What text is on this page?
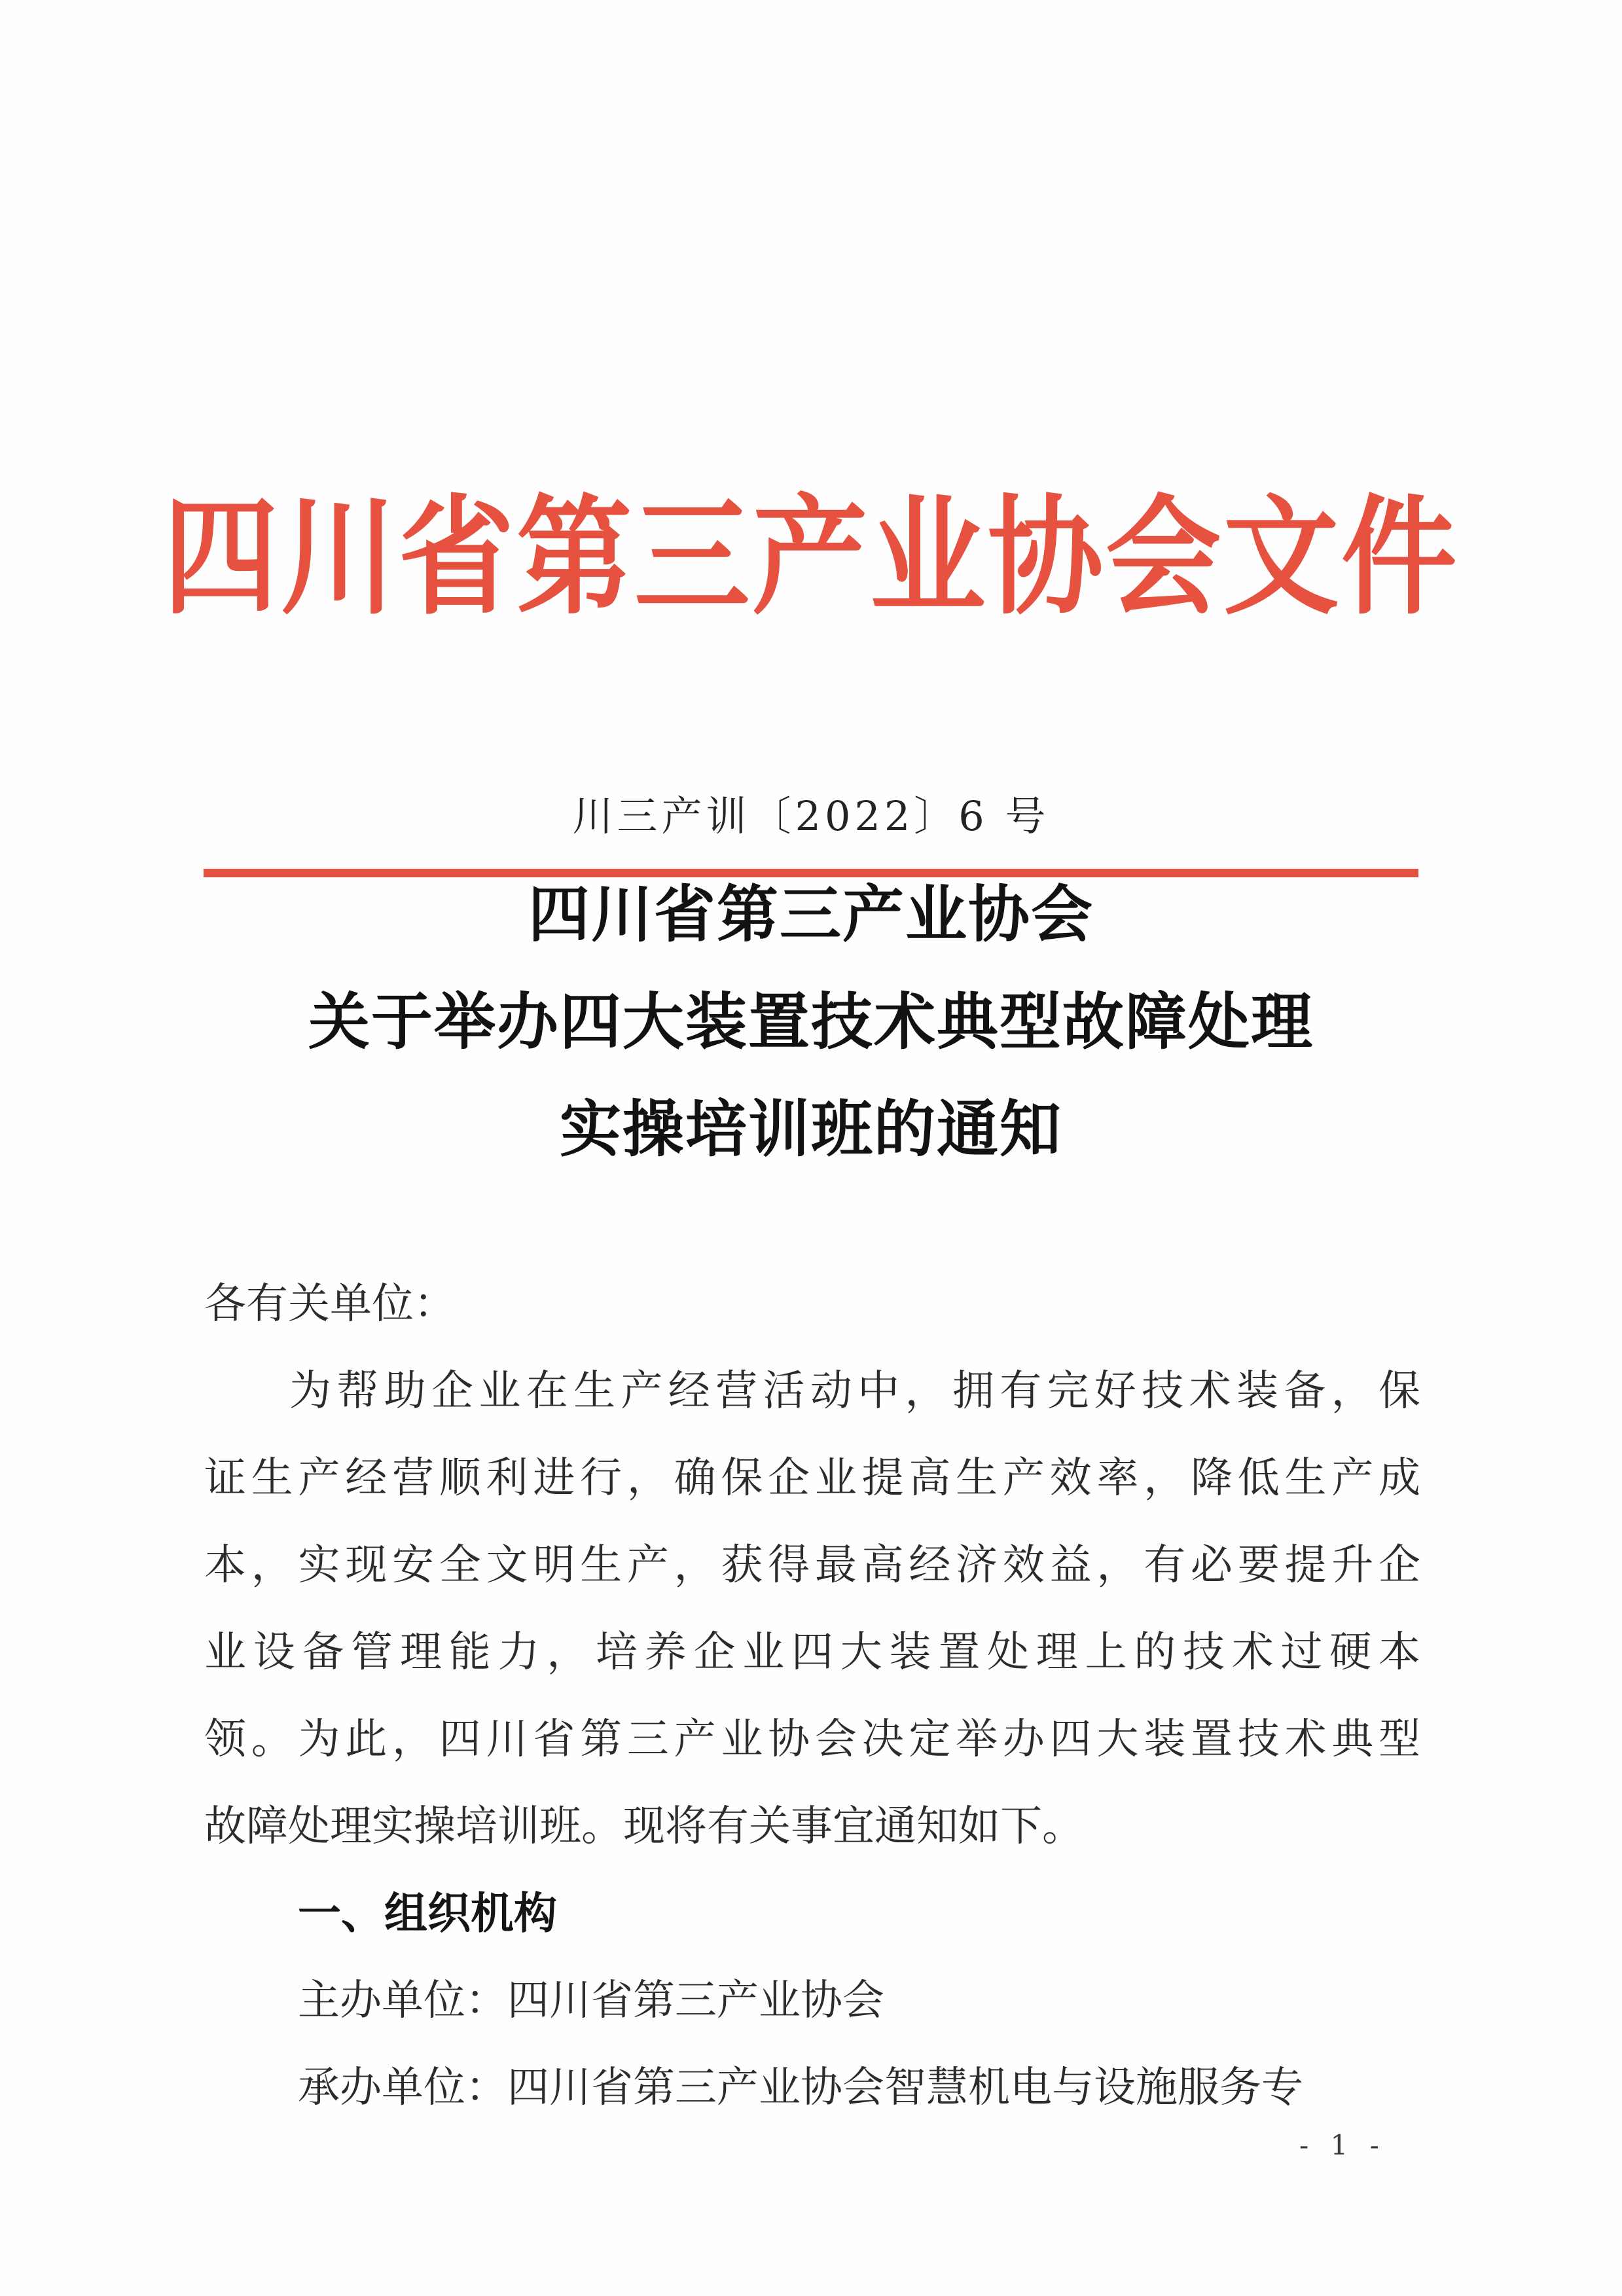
四川省第三产业协会文件
川三产训〔2022〕6 号
四川省第三产业协会
关于举办四大装置技术典型故障处理
实操培训班的通知
各有关单位：
为帮助企业在生产经营活动中，拥有完好技术装备，保
证生产经营顺利进行，确保企业提高生产效率，降低生产成
本，实现安全文明生产，获得最高经济效益，有必要提升企
业设备管理能力，培养企业四大装置处理上的技术过硬本
领。为此，四川省第三产业协会决定举办四大装置技术典型
故障处理实操培训班。现将有关事宜通知如下。
一、组织机构
主办单位：四川省第三产业协会
承办单位：四川省第三产业协会智慧机电与设施服务专
- 1 -
